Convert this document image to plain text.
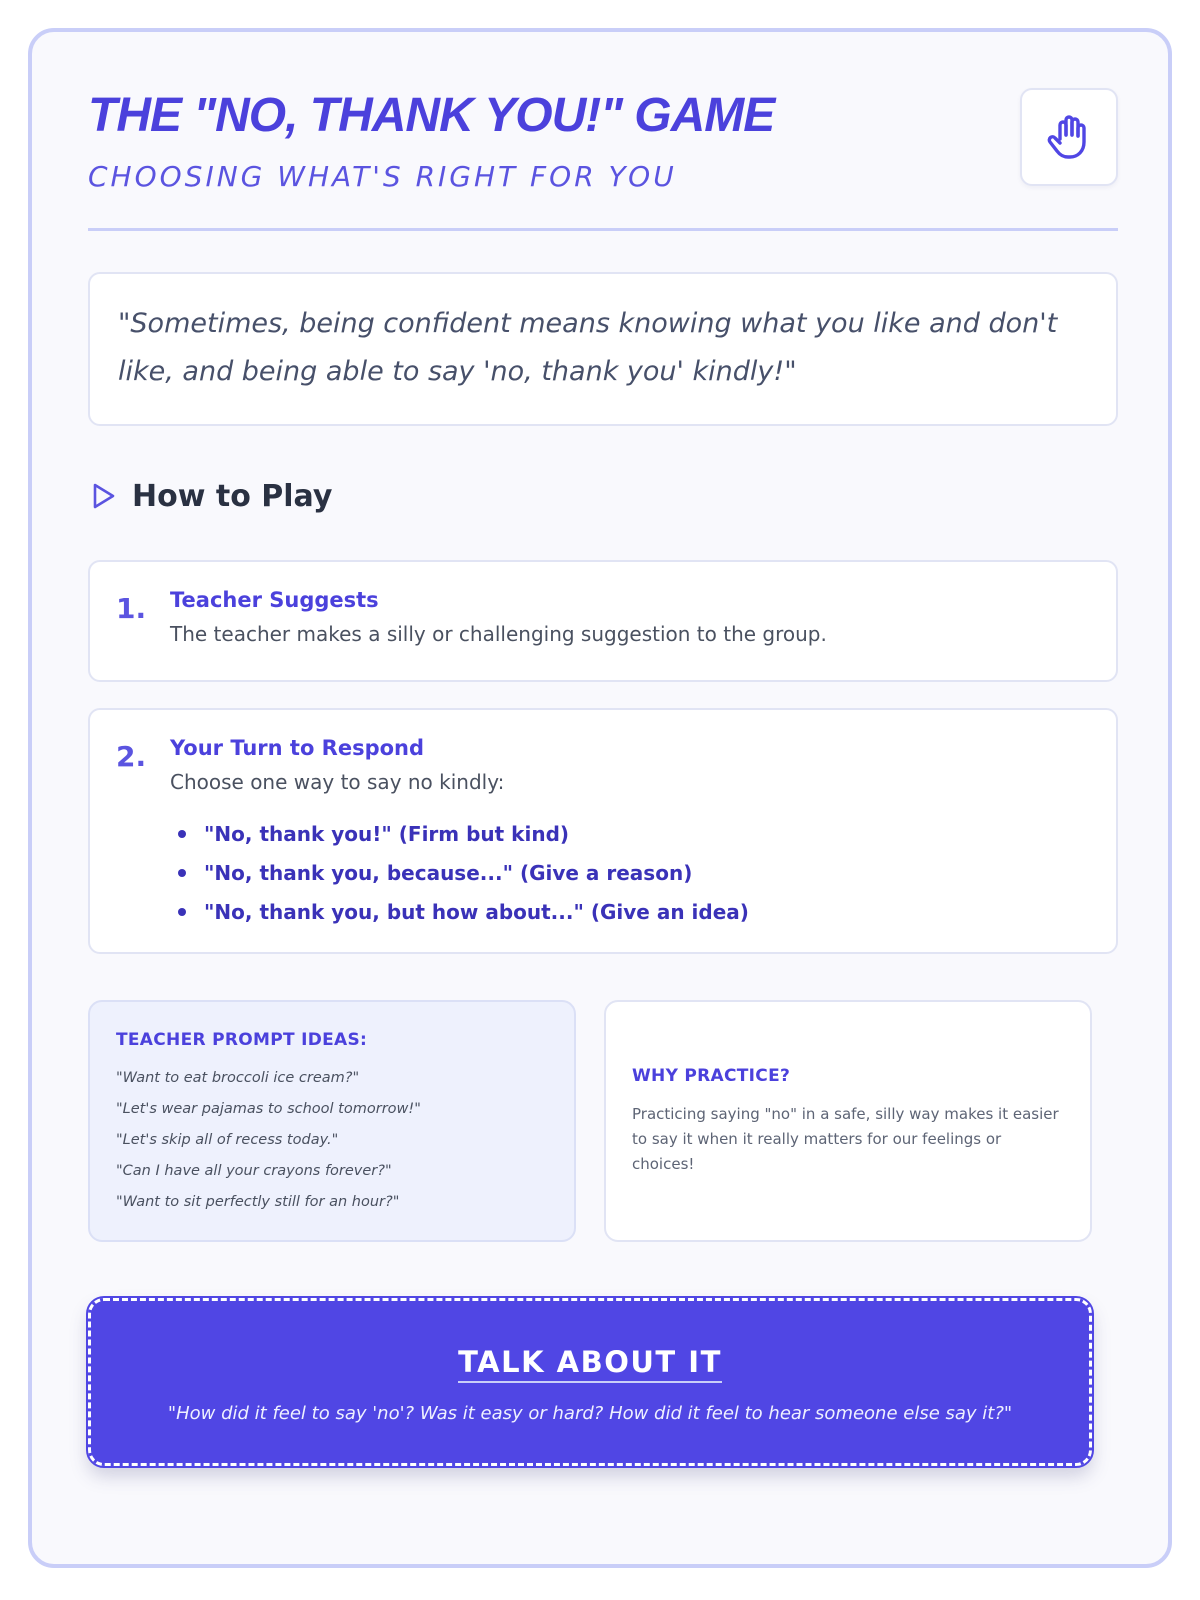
THE "NO, THANK YOU!" GAME
CHOOSING WHAT'S RIGHT FOR YOU

"Sometimes, being confident means knowing what you like and don't like, and being able to say 'no, thank you' kindly!"

How to Play
1. Teacher Suggests
The teacher makes a silly or challenging suggestion to the group.
2. Your Turn to Respond
Choose one way to say no kindly:
"No, thank you!" (Firm but kind)
"No, thank you, because..." (Give a reason)
"No, thank you, but how about..." (Give an idea)
TEACHER PROMPT IDEAS:
"Want to eat broccoli ice cream?"
"Let's wear pajamas to school tomorrow!"
"Let's skip all of recess today."
"Can I have all your crayons forever?"
"Want to sit perfectly still for an hour?"
WHY PRACTICE?

Practicing saying "no" in a safe, silly way makes it easier to say it when it really matters for our feelings or choices!

TALK ABOUT IT

"How did it feel to say 'no'? Was it easy or hard? How did it feel to hear someone else say it?"
